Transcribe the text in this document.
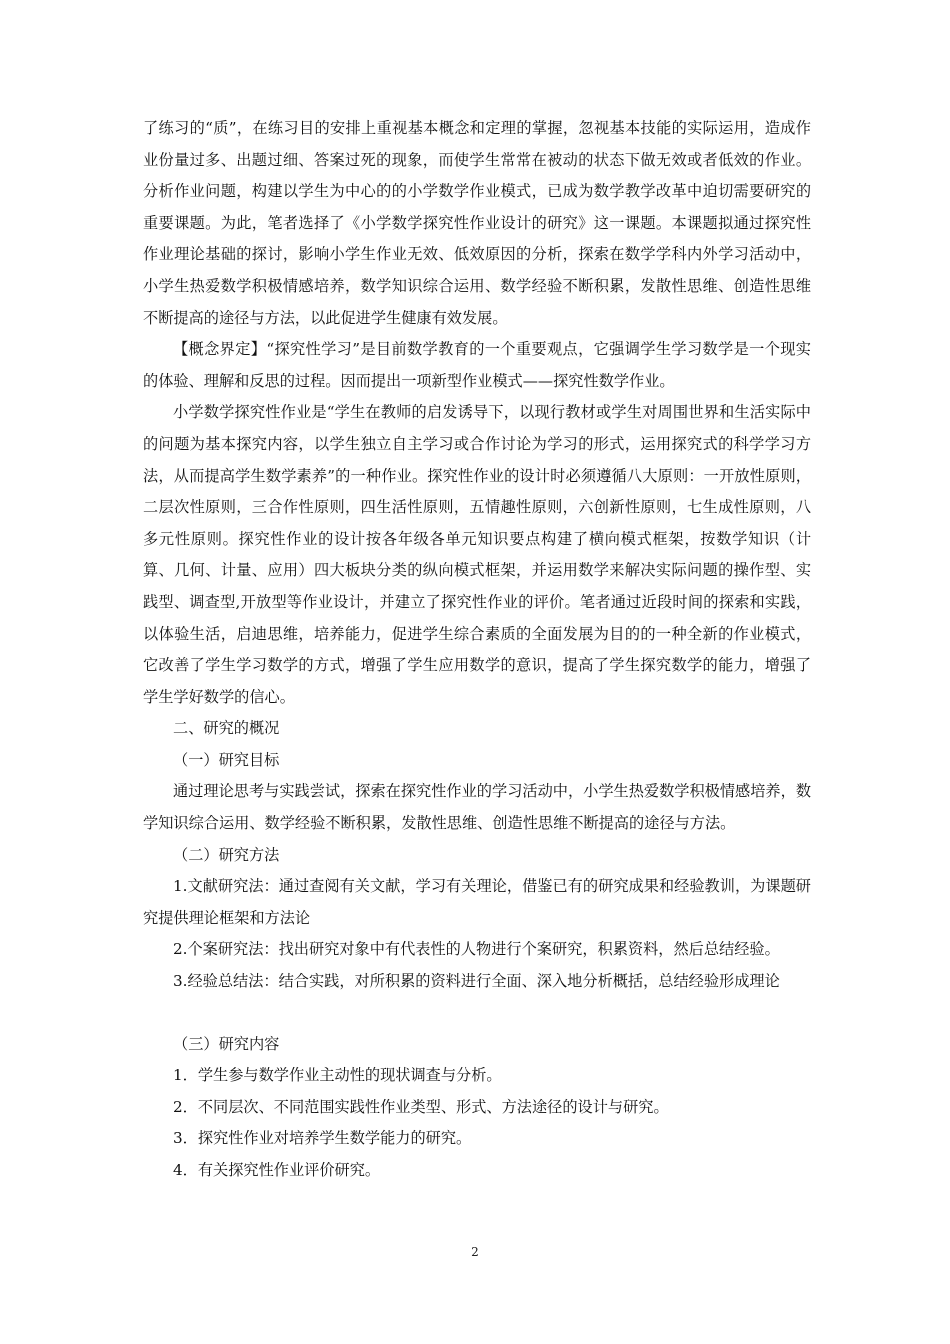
了练习的“质”，在练习目的安排上重视基本概念和定理的掌握，忽视基本技能的实际运用，造成作业份量过多、出题过细、答案过死的现象，而使学生常常在被动的状态下做无效或者低效的作业。分析作业问题，构建以学生为中心的的小学数学作业模式，已成为数学教学改革中迫切需要研究的重要课题。为此，笔者选择了《小学数学探究性作业设计的研究》这一课题。本课题拟通过探究性作业理论基础的探讨，影响小学生作业无效、低效原因的分析，探索在数学学科内外学习活动中，小学生热爱数学积极情感培养，数学知识综合运用、数学经验不断积累，发散性思维、创造性思维不断提高的途径与方法，以此促进学生健康有效发展。

【概念界定】“探究性学习”是目前数学教育的一个重要观点，它强调学生学习数学是一个现实的体验、理解和反思的过程。因而提出一项新型作业模式——探究性数学作业。

小学数学探究性作业是“学生在教师的启发诱导下，以现行教材或学生对周围世界和生活实际中的问题为基本探究内容，以学生独立自主学习或合作讨论为学习的形式，运用探究式的科学学习方法，从而提高学生数学素养”的一种作业。探究性作业的设计时必须遵循八大原则：一开放性原则，二层次性原则，三合作性原则，四生活性原则，五情趣性原则，六创新性原则，七生成性原则，八多元性原则。探究性作业的设计按各年级各单元知识要点构建了横向模式框架，按数学知识（计算、几何、计量、应用）四大板块分类的纵向模式框架，并运用数学来解决实际问题的操作型、实践型、调查型,开放型等作业设计，并建立了探究性作业的评价。笔者通过近段时间的探索和实践，以体验生活，启迪思维，培养能力，促进学生综合素质的全面发展为目的的一种全新的作业模式，它改善了学生学习数学的方式，增强了学生应用数学的意识，提高了学生探究数学的能力，增强了学生学好数学的信心。

二、研究的概况

（一）研究目标

通过理论思考与实践尝试，探索在探究性作业的学习活动中，小学生热爱数学积极情感培养，数学知识综合运用、数学经验不断积累，发散性思维、创造性思维不断提高的途径与方法。

（二）研究方法

1.文献研究法：通过查阅有关文献，学习有关理论，借鉴已有的研究成果和经验教训，为课题研究提供理论框架和方法论

2.个案研究法：找出研究对象中有代表性的人物进行个案研究，积累资料，然后总结经验。

3.经验总结法：结合实践，对所积累的资料进行全面、深入地分析概括，总结经验形成理论

（三）研究内容

1．学生参与数学作业主动性的现状调查与分析。

2．不同层次、不同范围实践性作业类型、形式、方法途径的设计与研究。

3．探究性作业对培养学生数学能力的研究。

4．有关探究性作业评价研究。

2
